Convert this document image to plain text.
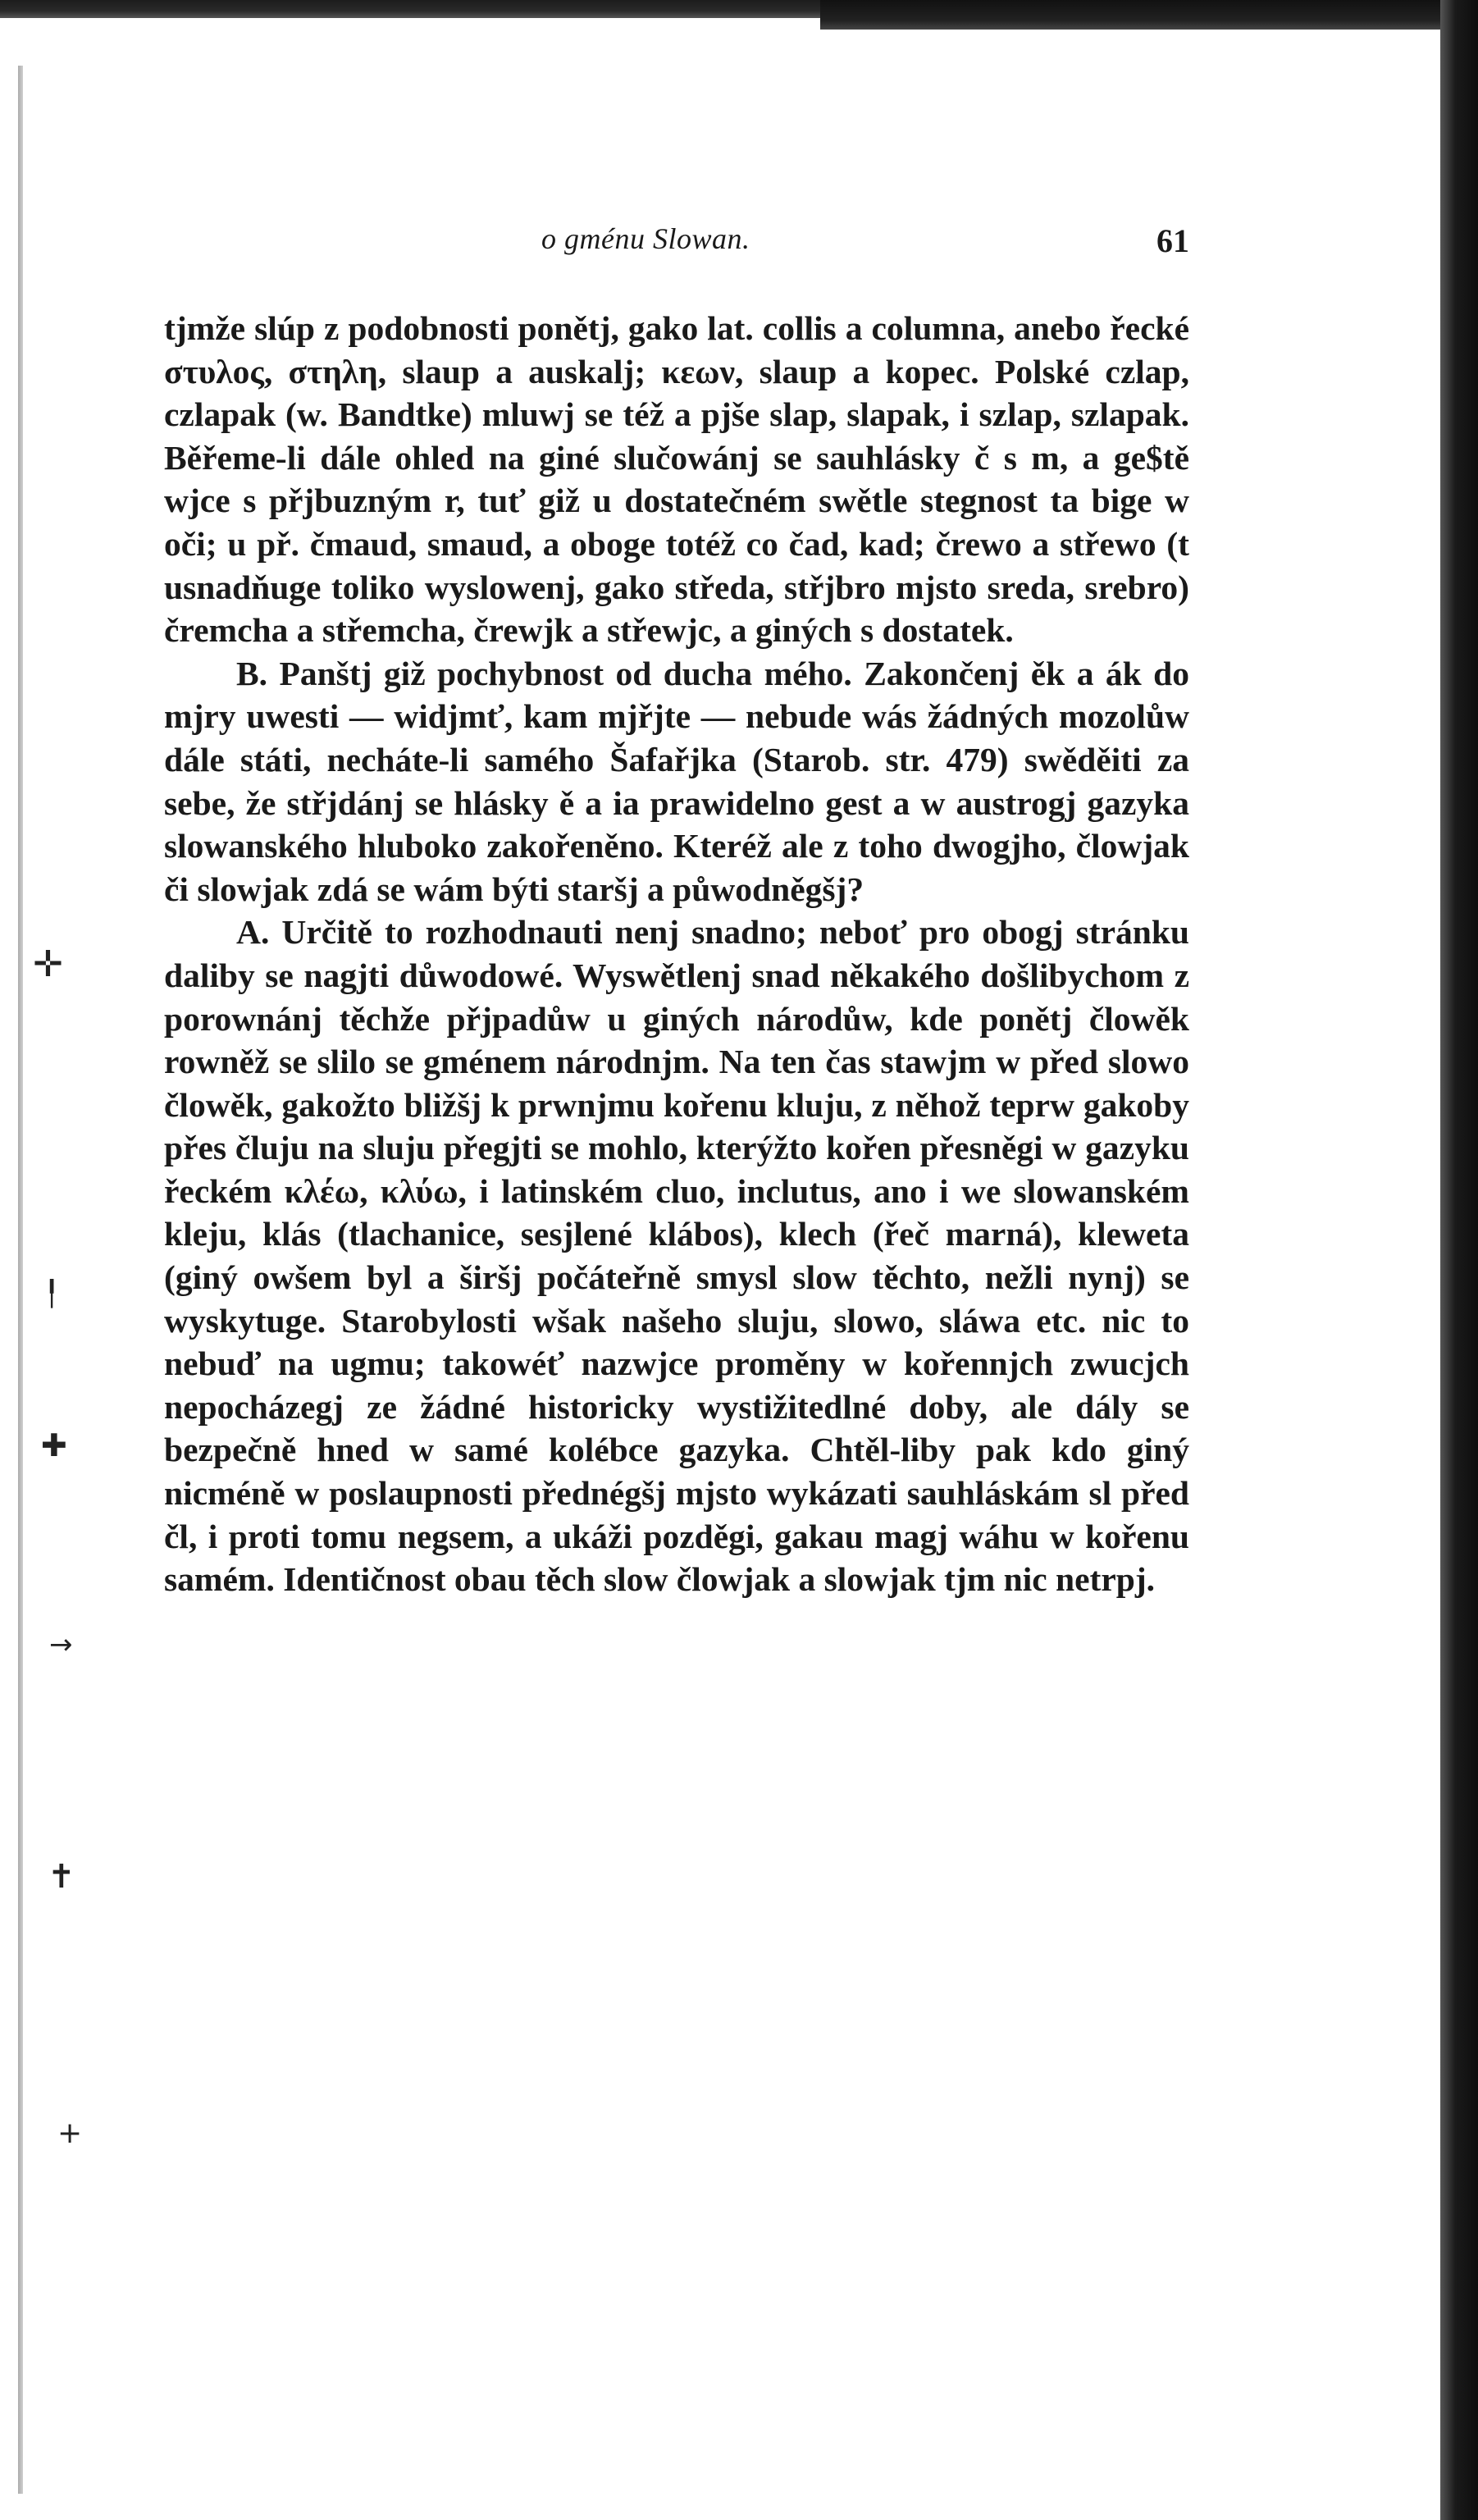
✛
╿
✚
→
✝
+
o gménu Slowan.	61

tjmže slúp z podobnosti ponětj, gako lat. collis a columna, anebo řecké στυλος, στηλη, slaup a auskalj; κεων, slaup a kopec. Polské czlap, czlapak (w. Bandtke) mluwj se též a pjše slap, slapak, i szlap, szlapak. Běřeme-li dále ohled na giné slučowánj se sauhlásky č s m, a ge$tě wjce s přjbuzným r, tuť giž u dostatečném swětle stegnost ta bige w oči; u př. čmaud, smaud, a oboge totéž co čad, kad; črewo a střewo (t usnadňuge toliko wyslowenj, gako středa, střjbro mjsto sreda, srebro) čremcha a střemcha, črewjk a střewjc, a giných s dostatek.

B. Panštj giž pochybnost od ducha mého. Zakončenj ěk a ák do mjry uwesti — widjmť, kam mjřjte — nebude wás žádných mozolůw dále státi, necháte-li samého Šafařjka (Starob. str. 479) swěděiti za sebe, že střjdánj se hlásky ě a ia prawidelno gest a w austrogj gazyka slowanského hluboko zakořeněno. Kteréž ale z toho dwogjho, člowjak či slowjak zdá se wám býti staršj a půwodněgšj?

A. Určitě to rozhodnauti nenj snadno; neboť pro obogj stránku daliby se nagjti důwodowé. Wyswětlenj snad někakého došlibychom z porownánj těchže přjpadůw u giných národůw, kde ponětj člowěk rowněž se slilo se gménem národnjm. Na ten čas stawjm w před slowo člowěk, gakožto bližšj k prwnjmu kořenu kluju, z něhož teprw gakoby přes čluju na sluju přegjti se mohlo, kterýžto kořen přesněgi w gazyku řeckém κλέω, κλύω, i latinském cluo, inclutus, ano i we slowanském kleju, klás (tlachanice, sesjlené klábos), klech (řeč marná), kleweta (giný owšem byl a širšj počáteřně smysl slow těchto, nežli nynj) se wyskytuge. Starobylosti wšak našeho sluju, slowo, sláwa etc. nic to nebuď na ugmu; takowéť nazwjce proměny w kořennjch zwucjch nepocházegj ze žádné historicky wystižitedlné doby, ale dály se bezpečně hned w samé kolébce gazyka. Chtěl-liby pak kdo giný nicméně w poslaupnosti přednégšj mjsto wykázati sauhláskám sl před čl, i proti tomu negsem, a ukáži pozděgi, gakau magj wáhu w kořenu samém. Identičnost obau těch slow člowjak a slowjak tjm nic netrpj.
